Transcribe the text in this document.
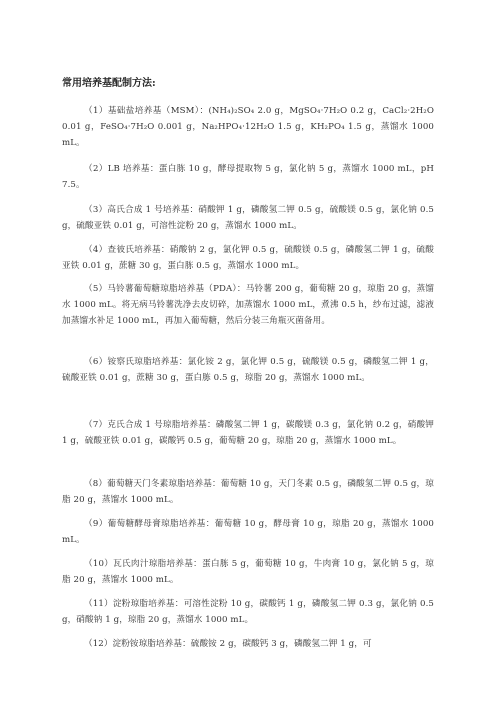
常用培养基配制方法:

（1）基础盐培养基（MSM）：(NH₄)₂SO₄ 2.0 g，MgSO₄·7H₂O 0.2 g，CaCl₂·2H₂O 0.01 g，FeSO₄·7H₂O 0.001 g，Na₂HPO₄·12H₂O 1.5 g，KH₂PO₄ 1.5 g，蒸馏水 1000 mL。

（2）LB 培养基：蛋白胨 10 g，酵母提取物 5 g，氯化钠 5 g，蒸馏水 1000 mL，pH 7.5。

（3）高氏合成 1 号培养基：硝酸钾 1 g，磷酸氢二钾 0.5 g，硫酸镁 0.5 g，氯化钠 0.5 g，硫酸亚铁 0.01 g，可溶性淀粉 20 g，蒸馏水 1000 mL。

（4）查彼氏培养基：硝酸钠 2 g，氯化钾 0.5 g，硫酸镁 0.5 g，磷酸氢二钾 1 g，硫酸亚铁 0.01 g，蔗糖 30 g，蛋白胨 0.5 g，蒸馏水 1000 mL。

（5）马铃薯葡萄糖琼脂培养基（PDA）：马铃薯 200 g，葡萄糖 20 g，琼脂 20 g，蒸馏水 1000 mL。将无病马铃薯洗净去皮切碎，加蒸馏水 1000 mL，煮沸 0.5 h，纱布过滤，滤液加蒸馏水补足 1000 mL，再加入葡萄糖，然后分装三角瓶灭菌备用。

（6）铵察氏琼脂培养基：氯化铵 2 g，氯化钾 0.5 g，硫酸镁 0.5 g，磷酸氢二钾 1 g，硫酸亚铁 0.01 g，蔗糖 30 g，蛋白胨 0.5 g，琼脂 20 g，蒸馏水 1000 mL。

（7）克氏合成 1 号琼脂培养基：磷酸氢二钾 1 g，碳酸镁 0.3 g，氯化钠 0.2 g，硝酸钾 1 g，硫酸亚铁 0.01 g，碳酸钙 0.5 g，葡萄糖 20 g，琼脂 20 g，蒸馏水 1000 mL。

（8）葡萄糖天门冬素琼脂培养基：葡萄糖 10 g，天门冬素 0.5 g，磷酸氢二钾 0.5 g，琼脂 20 g，蒸馏水 1000 mL。

（9）葡萄糖酵母膏琼脂培养基：葡萄糖 10 g，酵母膏 10 g，琼脂 20 g，蒸馏水 1000 mL。

（10）瓦氏肉汁琼脂培养基：蛋白胨 5 g，葡萄糖 10 g，牛肉膏 10 g，氯化钠 5 g，琼脂 20 g，蒸馏水 1000 mL。

（11）淀粉琼脂培养基：可溶性淀粉 10 g，碳酸钙 1 g，磷酸氢二钾 0.3 g，氯化钠 0.5 g，硝酸钠 1 g，琼脂 20 g，蒸馏水 1000 mL。

（12）淀粉铵琼脂培养基：硫酸铵 2 g，碳酸钙 3 g，磷酸氢二钾 1 g，可
